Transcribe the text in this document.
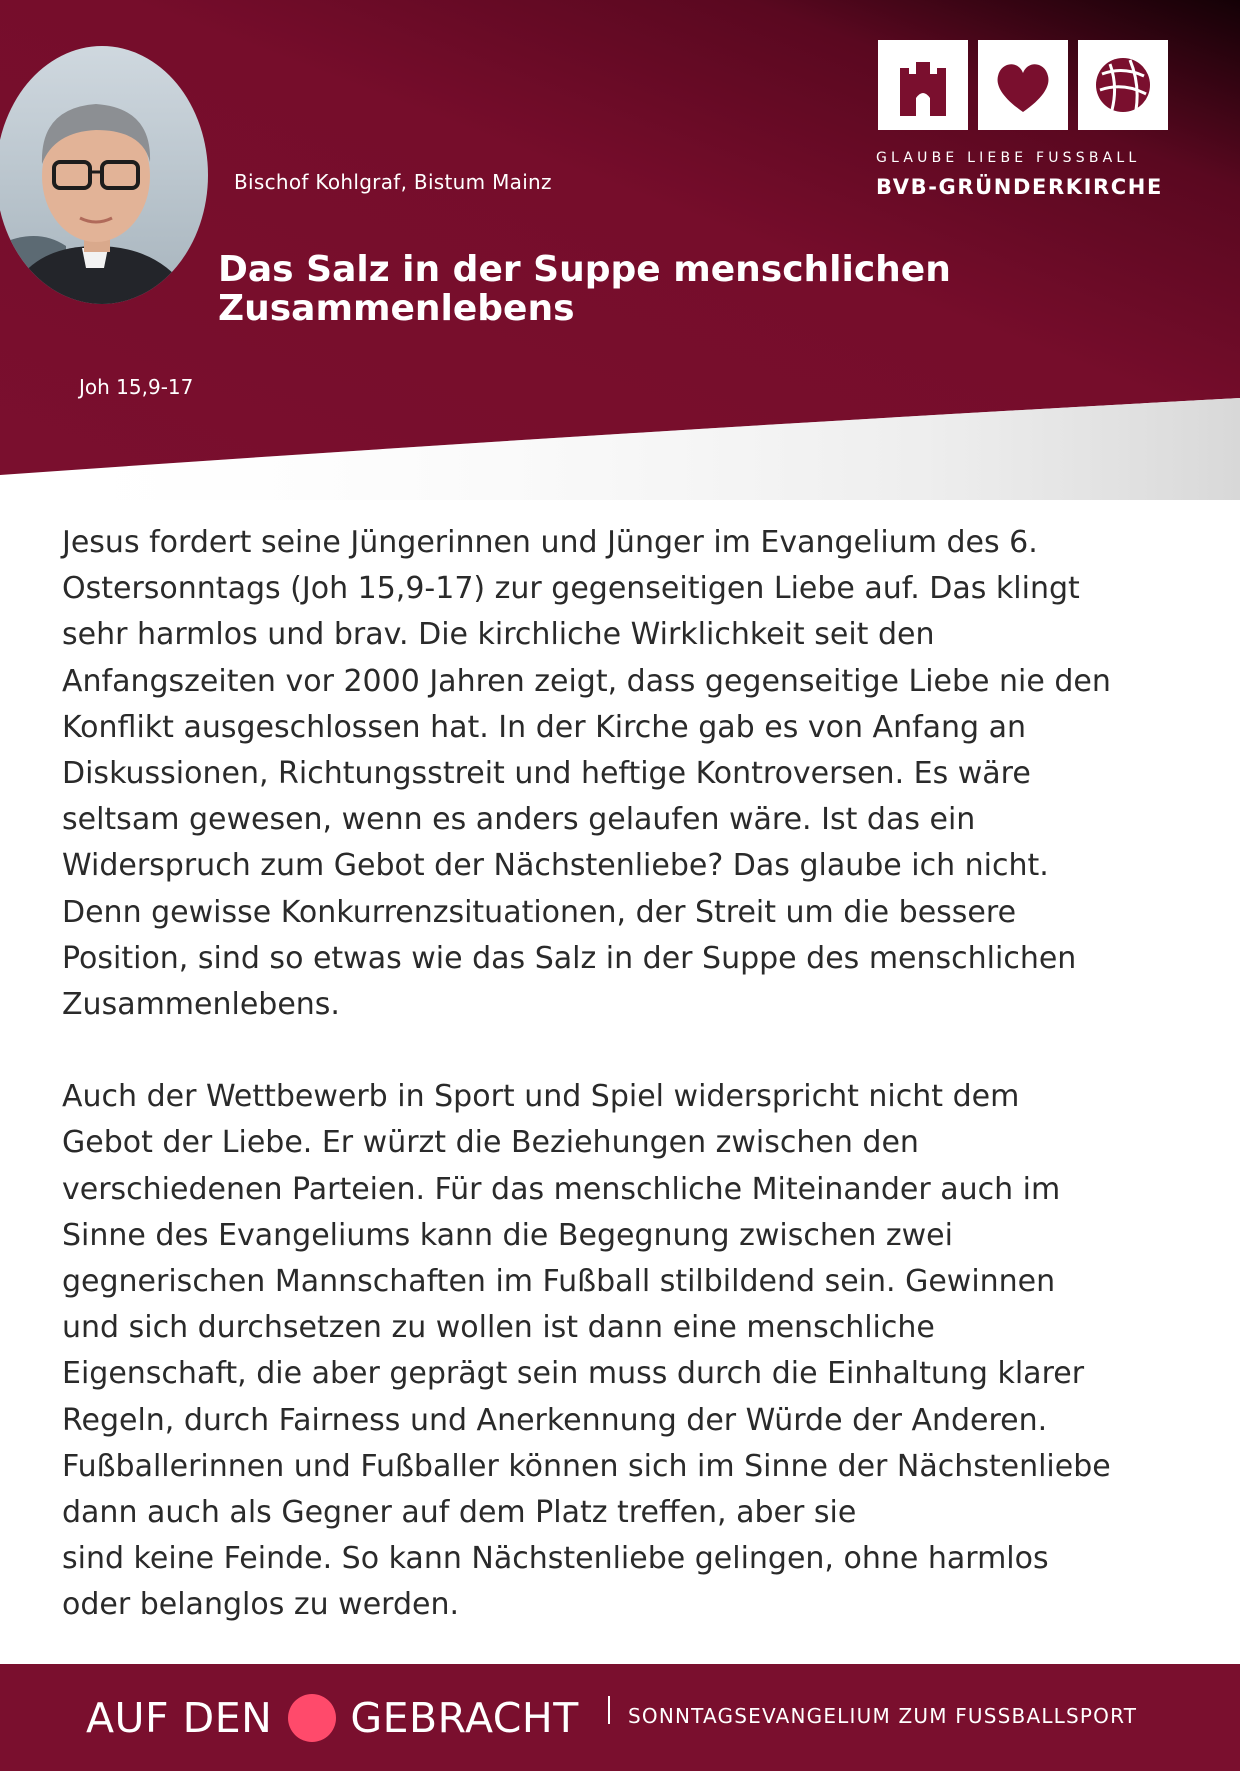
Bischof Kohlgraf, Bistum Mainz
Das Salz in der Suppe menschlichen
Zusammenlebens
Joh 15,9-17
GLAUBE LIEBE FUSSBALL
BVB-GRÜNDERKIRCHE

Jesus fordert seine Jüngerinnen und Jünger im Evangelium des 6.

Ostersonntags (Joh 15,9-17) zur gegenseitigen Liebe auf. Das klingt

sehr harmlos und brav. Die kirchliche Wirklichkeit seit den

Anfangszeiten vor 2000 Jahren zeigt, dass gegenseitige Liebe nie den

Konflikt ausgeschlossen hat. In der Kirche gab es von Anfang an

Diskussionen, Richtungsstreit und heftige Kontroversen. Es wäre

seltsam gewesen, wenn es anders gelaufen wäre. Ist das ein

Widerspruch zum Gebot der Nächstenliebe? Das glaube ich nicht.

Denn gewisse Konkurrenzsituationen, der Streit um die bessere

Position, sind so etwas wie das Salz in der Suppe des menschlichen

Zusammenlebens.

Auch der Wettbewerb in Sport und Spiel widerspricht nicht dem

Gebot der Liebe. Er würzt die Beziehungen zwischen den

verschiedenen Parteien. Für das menschliche Miteinander auch im

Sinne des Evangeliums kann die Begegnung zwischen zwei

gegnerischen Mannschaften im Fußball stilbildend sein. Gewinnen

und sich durchsetzen zu wollen ist dann eine menschliche

Eigenschaft, die aber geprägt sein muss durch die Einhaltung klarer

Regeln, durch Fairness und Anerkennung der Würde der Anderen.

Fußballerinnen und Fußballer können sich im Sinne der Nächstenliebe

dann auch als Gegner auf dem Platz treffen, aber sie

sind keine Feinde. So kann Nächstenliebe gelingen, ohne harmlos

oder belanglos zu werden.

AUF DEN GEBRACHT SONNTAGSEVANGELIUM ZUM FUSSBALLSPORT
